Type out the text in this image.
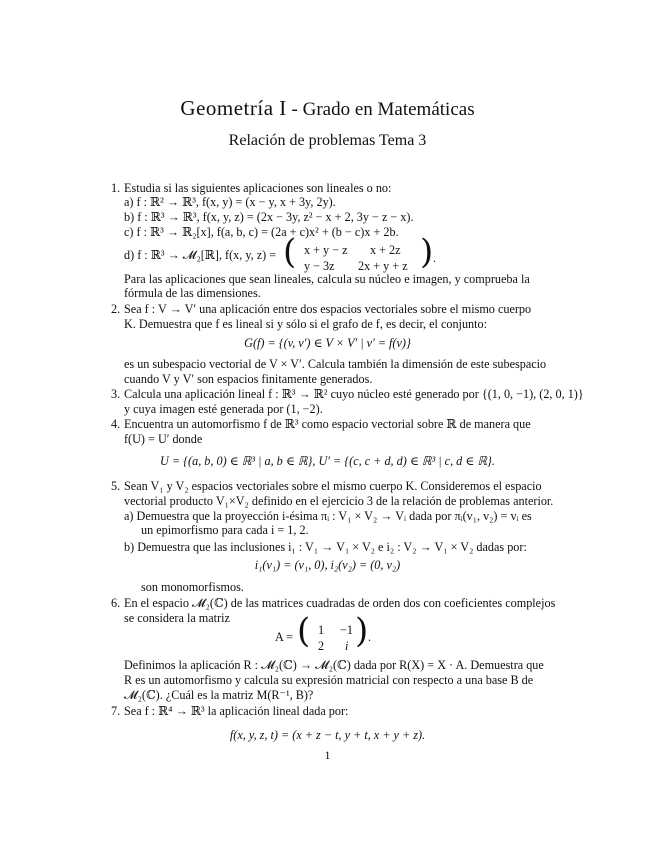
Geometría I - Grado en Matemáticas
Relación de problemas Tema 3
1. Estudia si las siguientes aplicaciones son lineales o no:
a) f : ℝ² → ℝ³, f(x, y) = (x − y, x + 3y, 2y).
b) f : ℝ³ → ℝ³, f(x, y, z) = (2x − 3y, z² − x + 2, 3y − z − x).
c) f : ℝ³ → ℝ₂[x], f(a, b, c) = (2a + c)x² + (b − c)x + 2b.
d) f : ℝ³ → 𝓜₂[ℝ], f(x, y, z) =
Para las aplicaciones que sean lineales, calcula su núcleo e imagen, y comprueba la
fórmula de las dimensiones.
2. Sea f : V → V′ una aplicación entre dos espacios vectoriales sobre el mismo cuerpo
K. Demuestra que f es lineal si y sólo si el grafo de f, es decir, el conjunto:
es un subespacio vectorial de V × V′. Calcula también la dimensión de este subespacio
cuando V y V′ son espacios finitamente generados.
3. Calcula una aplicación lineal f : ℝ³ → ℝ² cuyo núcleo esté generado por {(1, 0, −1), (2, 0, 1)}
y cuya imagen esté generada por (1, −2).
4. Encuentra un automorfismo f de ℝ³ como espacio vectorial sobre ℝ de manera que
f(U) = U′ donde
5. Sean V₁ y V₂ espacios vectoriales sobre el mismo cuerpo K. Consideremos el espacio
vectorial producto V₁×V₂ definido en el ejercicio 3 de la relación de problemas anterior.
a) Demuestra que la proyección i-ésima πᵢ : V₁ × V₂ → Vᵢ dada por πᵢ(v₁, v₂) = vᵢ es
un epimorfismo para cada i = 1, 2.
b) Demuestra que las inclusiones i₁ : V₁ → V₁ × V₂ e i₂ : V₂ → V₁ × V₂ dadas por:
son monomorfismos.
6. En el espacio 𝓜₂(ℂ) de las matrices cuadradas de orden dos con coeficientes complejos
se considera la matriz
Definimos la aplicación R : 𝓜₂(ℂ) → 𝓜₂(ℂ) dada por R(X) = X · A. Demuestra que
R es un automorfismo y calcula su expresión matricial con respecto a una base B de
𝓜₂(ℂ). ¿Cuál es la matriz M(R⁻¹, B)?
7. Sea f : ℝ⁴ → ℝ³ la aplicación lineal dada por:
G(f) = {(v, v′) ∈ V × V′ | v′ = f(v)}
U = {(a, b, 0) ∈ ℝ³ | a, b ∈ ℝ}, U′ = {(c, c + d, d) ∈ ℝ³ | c, d ∈ ℝ}.
i₁(v₁) = (v₁, 0), i₂(v₂) = (0, v₂)
f(x, y, z, t) = (x + z − t, y + t, x + y + z).
( x + y − z x + 2z
y − 3z 2x + y + z ) .
A = ( 1 −1
2 i ) .
1
